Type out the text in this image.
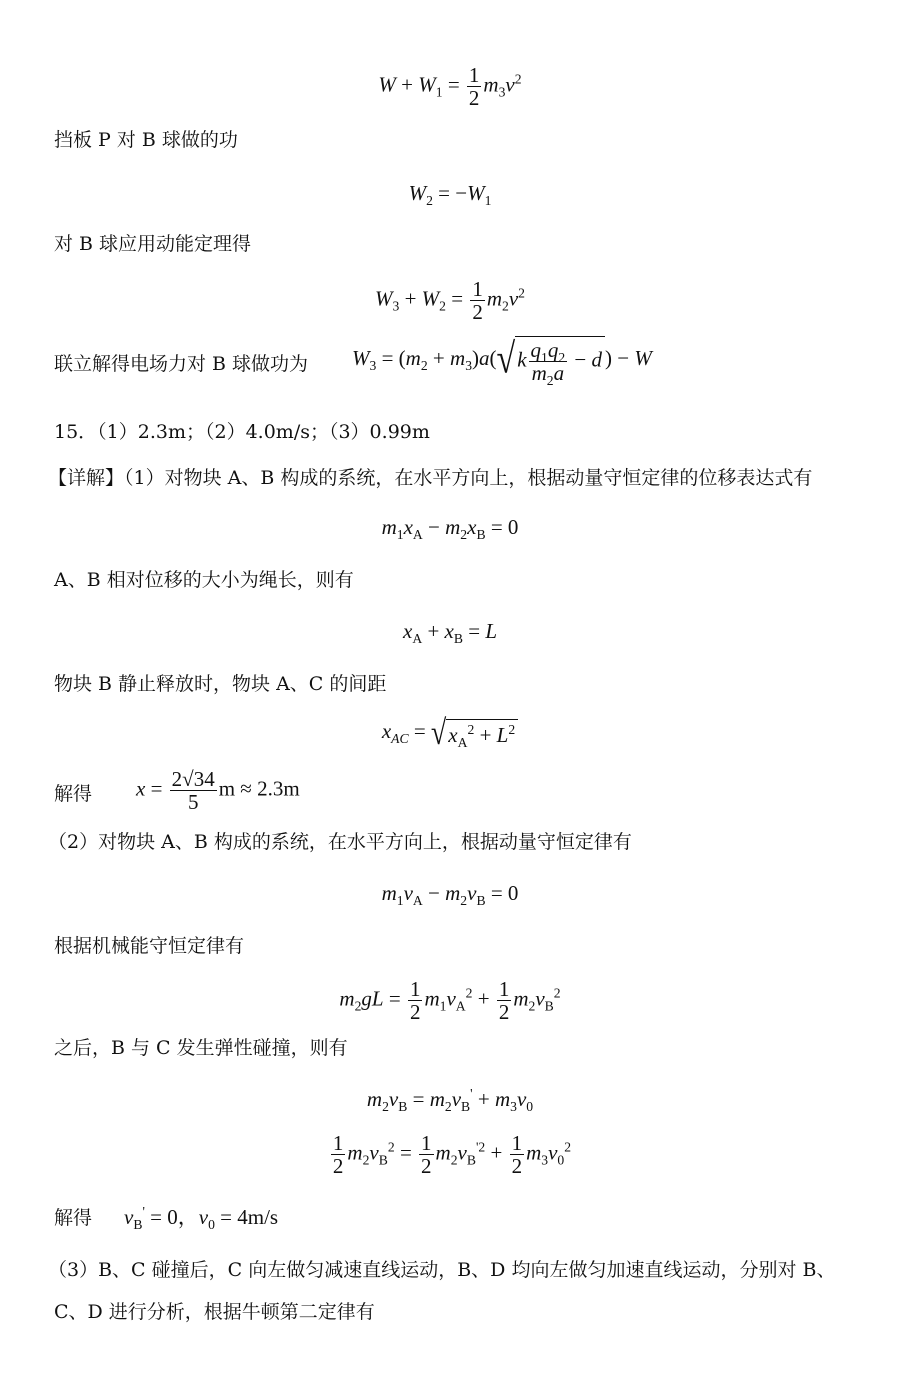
$W + W_1 = \frac{1}{2} m_3v^2$
挡板 P 对 B 球做的功
$W_2 = -W_1$
对 B 球应用动能定理得
$W_3 + W_2 = \frac{1}{2} m_2v^2$
联立解得电场力对 B 球做功为 $W_3 = (m_2 + m_3)a(√k \frac{q_1q_2}{m_2a} - d$ ) − W
15．（1）2.3m；（2）4.0m/s；（3）0.99m
【详解】（1）对物块 A、B 构成的系统，在水平方向上，根据动量守恒定律的位移表达式有
$m_1x_A - m_2x_B = 0$
A、B 相对位移的大小为绳长，则有
$x_A + x_B = L$
物块 B 静止释放时，物块 A、C 的间距
$x_{AC} = √x_A^2 + L^2$
解得 $x = \frac{2√34}{5}$ m ≈ 2.3m
（2）对物块 A、B 构成的系统，在水平方向上，根据动量守恒定律有
$m_1v_A - m_2v_B = 0$
根据机械能守恒定律有
$m_2gL = \frac{1}{2} m_1v_A^2 + \frac{1}{2} m_2v_B^2$
之后，B 与 C 发生弹性碰撞，则有
$m_2v_B = m_2v_B' + m_3v_0$
$\frac{1}{2} m_2v_B^2 = \frac{1}{2} m_2v_B^{'2} + \frac{1}{2} m_3v_0^2$
解得 $v_B' = 0$，$v_0 = 4m/s$
（3）B、C 碰撞后，C 向左做匀减速直线运动，B、D 均向左做匀加速直线运动，分别对 B、
C、D 进行分析，根据牛顿第二定律有
